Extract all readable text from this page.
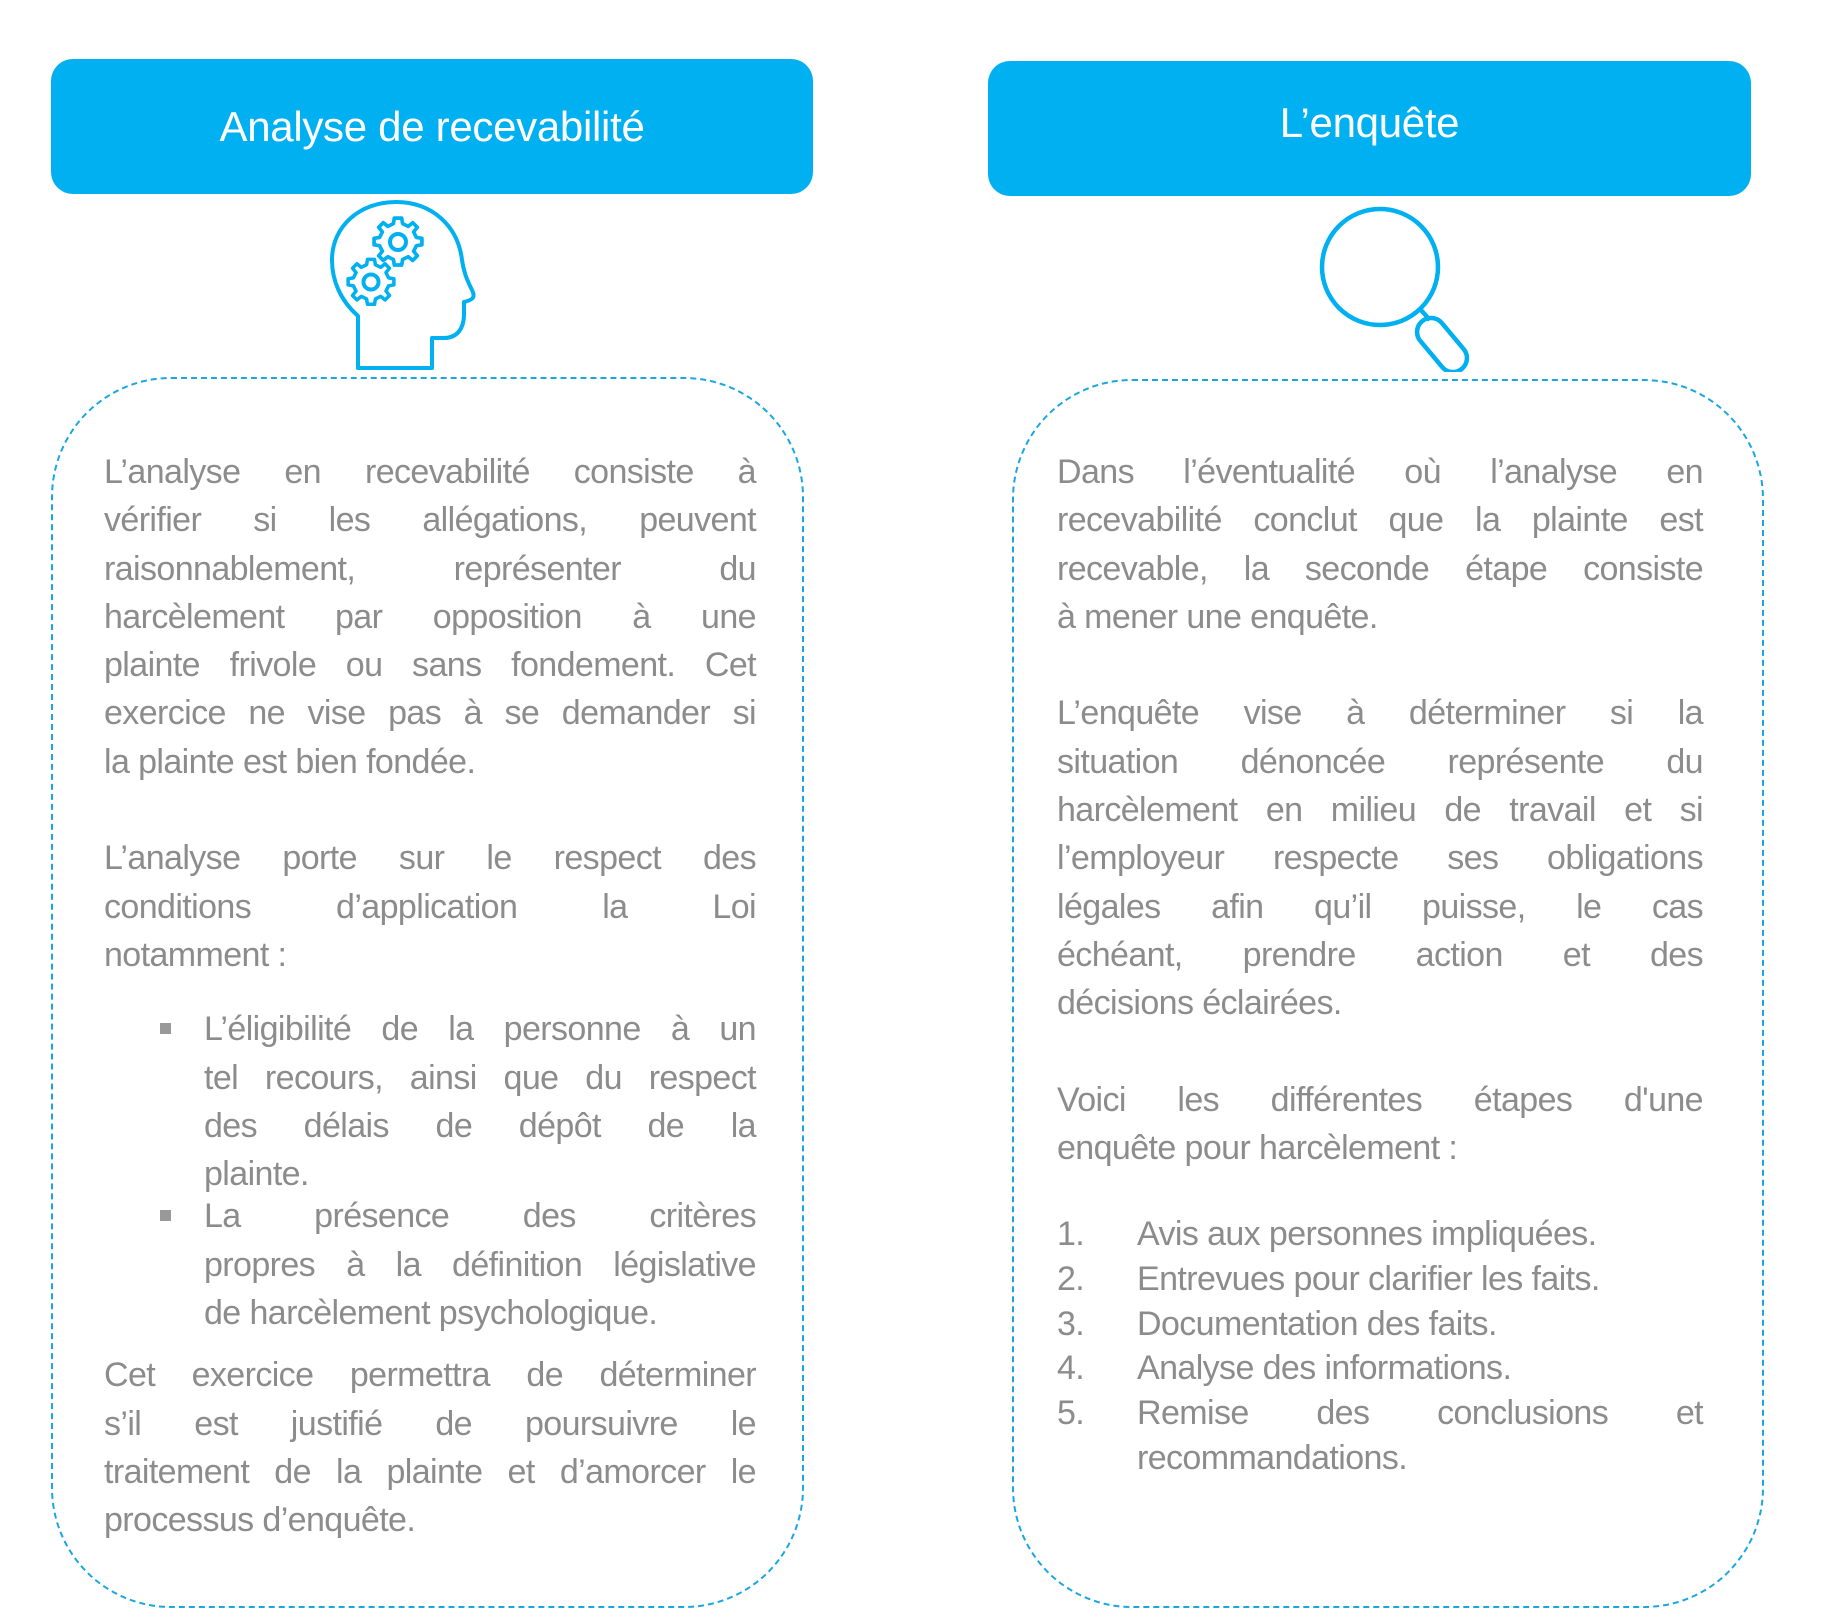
Analyse de recevabilité	L’enquête
L’analyse en recevabilité consiste à
vérifier si les allégations, peuvent
raisonnablement, représenter du
harcèlement par opposition à une
plainte frivole ou sans fondement. Cet
exercice ne vise pas à se demander si
la plainte est bien fondée.
L’analyse porte sur le respect des
conditions d’application la Loi
notamment :
L’éligibilité de la personne à un
tel recours, ainsi que du respect
des délais de dépôt de la
plainte.
La présence des critères
propres à la définition législative
de harcèlement psychologique.
Cet exercice permettra de déterminer
s’il est justifié de poursuivre le
traitement de la plainte et d’amorcer le
processus d’enquête.
Dans l’éventualité où l’analyse en
recevabilité conclut que la plainte est
recevable, la seconde étape consiste
à mener une enquête.
L’enquête vise à déterminer si la
situation dénoncée représente du
harcèlement en milieu de travail et si
l’employeur respecte ses obligations
légales afin qu’il puisse, le cas
échéant, prendre action et des
décisions éclairées.
Voici les différentes étapes d'une
enquête pour harcèlement :
1. Avis aux personnes impliquées.
2. Entrevues pour clarifier les faits.
3. Documentation des faits.
4. Analyse des informations.
5. Remise des conclusions et
recommandations.
